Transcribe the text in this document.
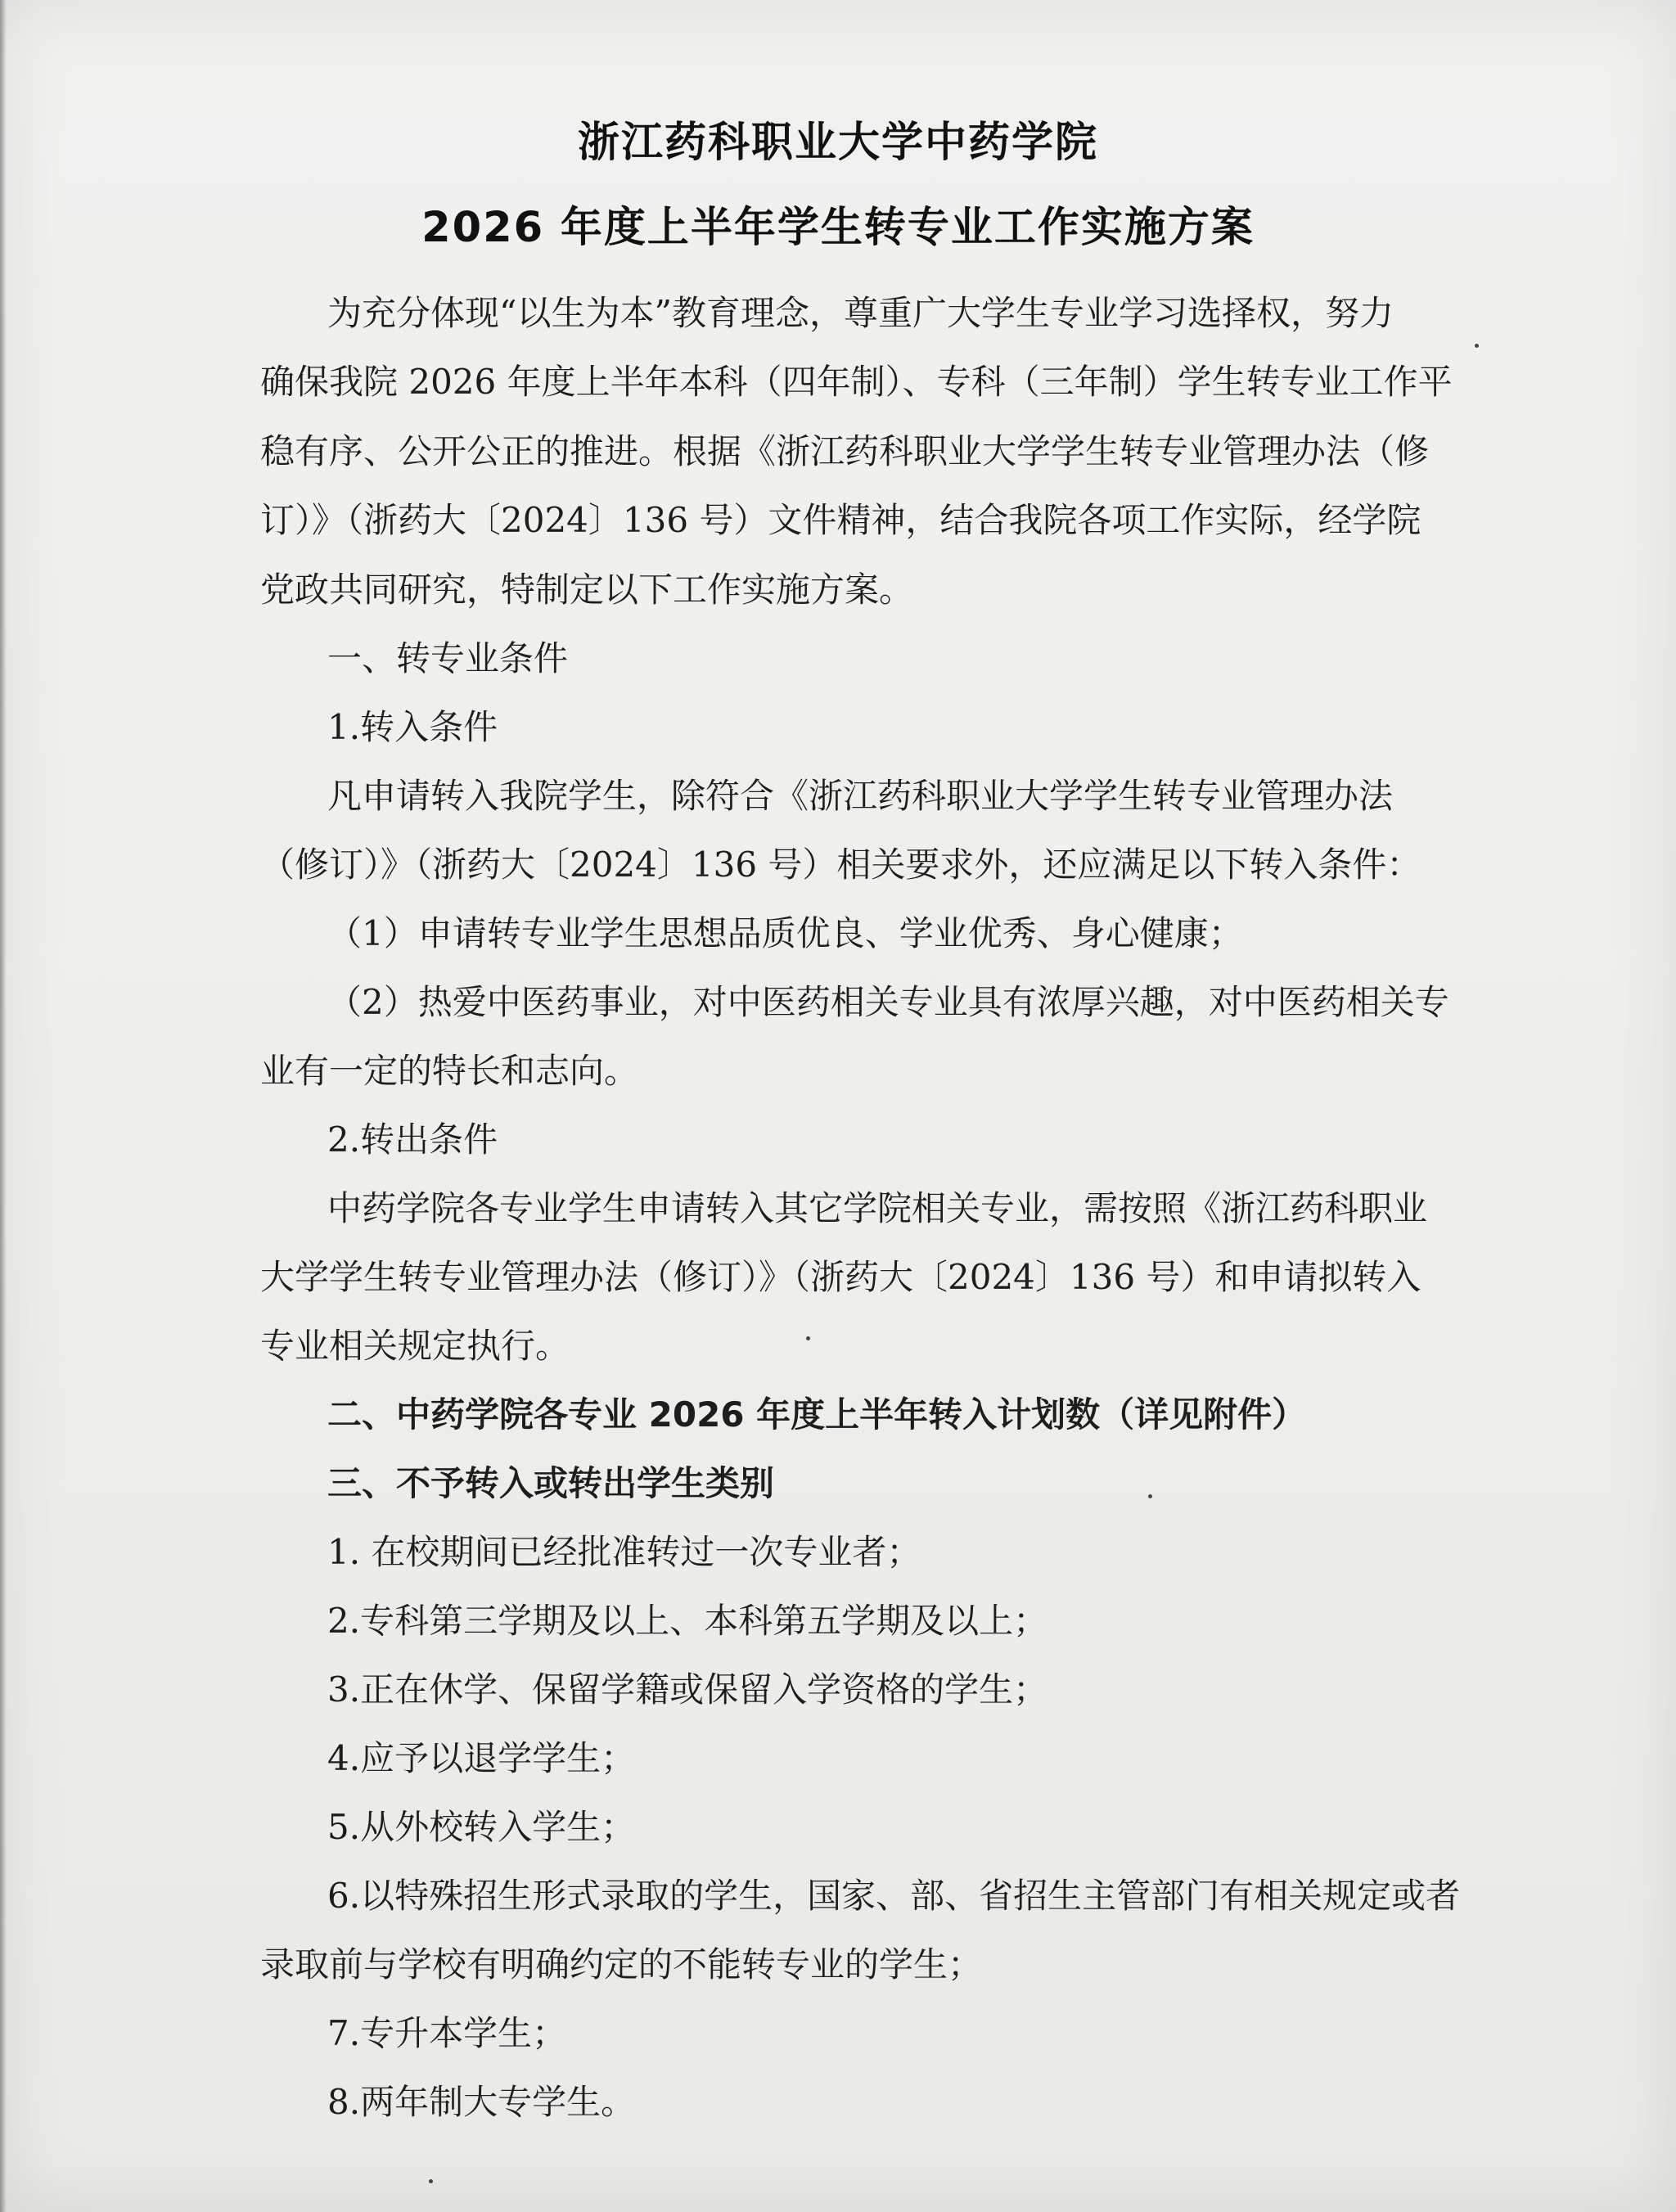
浙江药科职业大学中药学院
2026 年度上半年学生转专业工作实施方案
为充分体现“以生为本”教育理念，尊重广大学生专业学习选择权，努力
确保我院 2026 年度上半年本科（四年制）、专科（三年制）学生转专业工作平
稳有序、公开公正的推进。根据《浙江药科职业大学学生转专业管理办法（修
订）》（浙药大〔2024〕136 号）文件精神，结合我院各项工作实际，经学院
党政共同研究，特制定以下工作实施方案。
一、转专业条件
1.转入条件
凡申请转入我院学生，除符合《浙江药科职业大学学生转专业管理办法
（修订）》（浙药大〔2024〕136 号）相关要求外，还应满足以下转入条件：
（1）申请转专业学生思想品质优良、学业优秀、身心健康；
（2）热爱中医药事业，对中医药相关专业具有浓厚兴趣，对中医药相关专
业有一定的特长和志向。
2.转出条件
中药学院各专业学生申请转入其它学院相关专业，需按照《浙江药科职业
大学学生转专业管理办法（修订）》（浙药大〔2024〕136 号）和申请拟转入
专业相关规定执行。
二、中药学院各专业 2026 年度上半年转入计划数（详见附件）
三、不予转入或转出学生类别
1. 在校期间已经批准转过一次专业者；
2.专科第三学期及以上、本科第五学期及以上；
3.正在休学、保留学籍或保留入学资格的学生；
4.应予以退学学生；
5.从外校转入学生；
6.以特殊招生形式录取的学生，国家、部、省招生主管部门有相关规定或者
录取前与学校有明确约定的不能转专业的学生；
7.专升本学生；
8.两年制大专学生。
